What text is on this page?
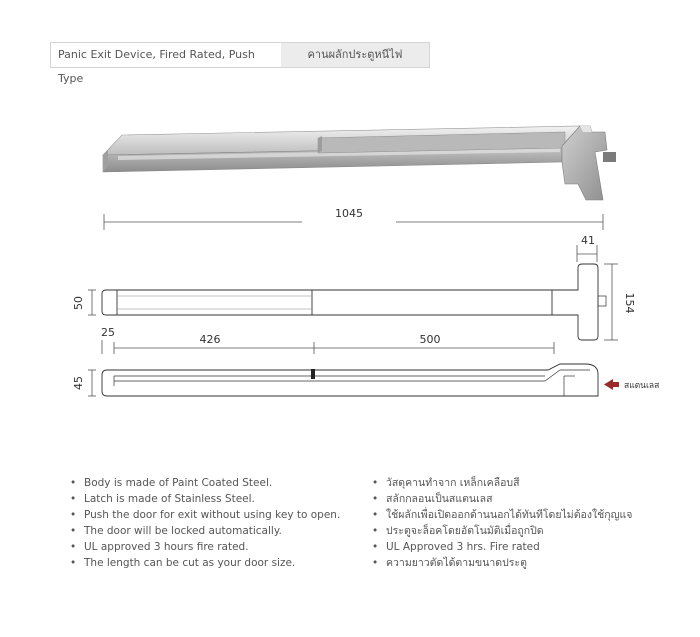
Panic Exit Device, Fired Rated, Push Type
คานผลักประตูหนีไฟ
1045
41
50	154
25
426	500
45	สแตนเลส
• Body is made of Paint Coated Steel.
• Latch is made of Stainless Steel.
• Push the door for exit without using key to open.
• The door will be locked automatically.
• UL approved 3 hours fire rated.
• The length can be cut as your door size.
• วัสดุคานทำจาก เหล็กเคลือบสี
• สลักกลอนเป็นสแตนเลส
• ใช้ผลักเพื่อเปิดออกด้านนอกได้ทันทีโดยไม่ต้องใช้กุญแจ
• ประตูจะล็อคโดยอัตโนมัติเมื่อถูกปิด
• UL Approved 3 hrs. Fire rated
• ความยาวตัดได้ตามขนาดประตู
